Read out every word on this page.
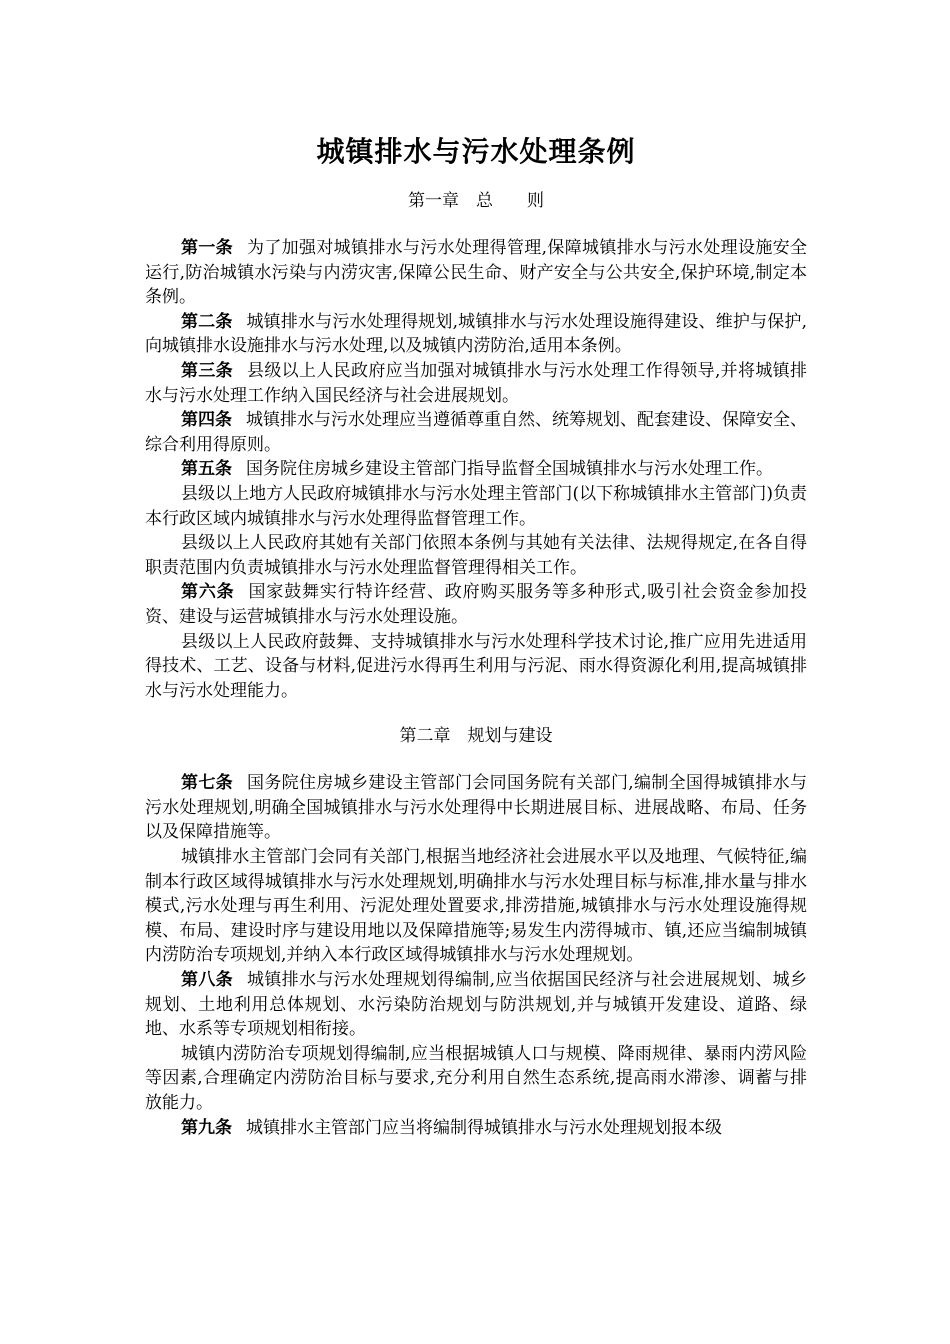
城镇排水与污水处理条例
第一章　总　　则

第一条 为了加强对城镇排水与污水处理得管理,保障城镇排水与污水处理设施安全运行,防治城镇水污染与内涝灾害,保障公民生命、财产安全与公共安全,保护环境,制定本条例。

第二条 城镇排水与污水处理得规划,城镇排水与污水处理设施得建设、维护与保护,向城镇排水设施排水与污水处理,以及城镇内涝防治,适用本条例。

第三条 县级以上人民政府应当加强对城镇排水与污水处理工作得领导,并将城镇排水与污水处理工作纳入国民经济与社会进展规划。

第四条 城镇排水与污水处理应当遵循尊重自然、统筹规划、配套建设、保障安全、综合利用得原则。

第五条 国务院住房城乡建设主管部门指导监督全国城镇排水与污水处理工作。

县级以上地方人民政府城镇排水与污水处理主管部门(以下称城镇排水主管部门)负责本行政区域内城镇排水与污水处理得监督管理工作。

县级以上人民政府其她有关部门依照本条例与其她有关法律、法规得规定,在各自得职责范围内负责城镇排水与污水处理监督管理得相关工作。

第六条 国家鼓舞实行特许经营、政府购买服务等多种形式,吸引社会资金参加投资、建设与运营城镇排水与污水处理设施。

县级以上人民政府鼓舞、支持城镇排水与污水处理科学技术讨论,推广应用先进适用得技术、工艺、设备与材料,促进污水得再生利用与污泥、雨水得资源化利用,提高城镇排水与污水处理能力。

第二章　规划与建设

第七条 国务院住房城乡建设主管部门会同国务院有关部门,编制全国得城镇排水与污水处理规划,明确全国城镇排水与污水处理得中长期进展目标、进展战略、布局、任务以及保障措施等。

城镇排水主管部门会同有关部门,根据当地经济社会进展水平以及地理、气候特征,编制本行政区域得城镇排水与污水处理规划,明确排水与污水处理目标与标准,排水量与排水模式,污水处理与再生利用、污泥处理处置要求,排涝措施,城镇排水与污水处理设施得规模、布局、建设时序与建设用地以及保障措施等;易发生内涝得城市、镇,还应当编制城镇内涝防治专项规划,并纳入本行政区域得城镇排水与污水处理规划。

第八条 城镇排水与污水处理规划得编制,应当依据国民经济与社会进展规划、城乡规划、土地利用总体规划、水污染防治规划与防洪规划,并与城镇开发建设、道路、绿地、水系等专项规划相衔接。

城镇内涝防治专项规划得编制,应当根据城镇人口与规模、降雨规律、暴雨内涝风险等因素,合理确定内涝防治目标与要求,充分利用自然生态系统,提高雨水滞渗、调蓄与排放能力。

第九条 城镇排水主管部门应当将编制得城镇排水与污水处理规划报本级
